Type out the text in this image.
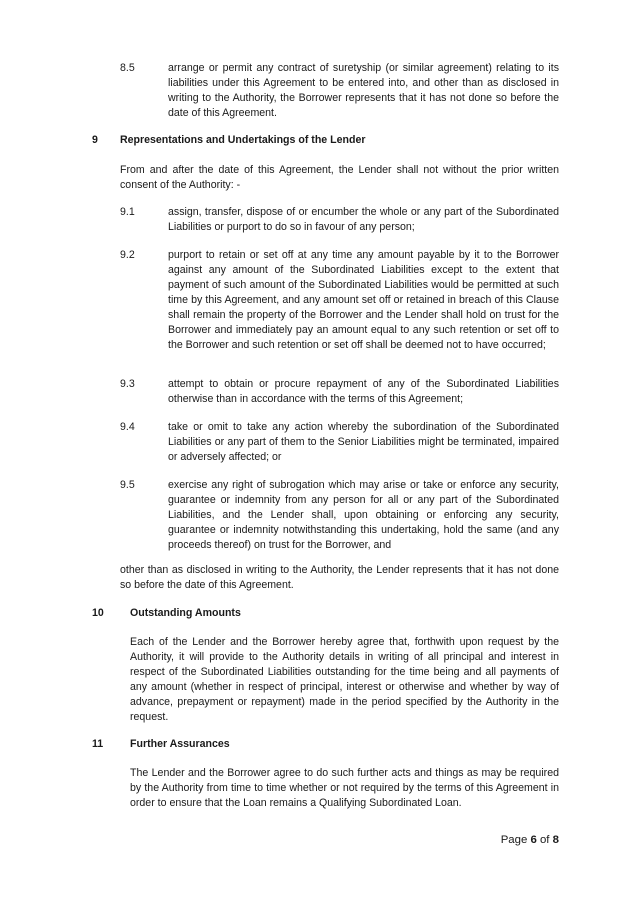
8.5	arrange or permit any contract of suretyship (or similar agreement) relating to its liabilities under this Agreement to be entered into, and other than as disclosed in writing to the Authority, the Borrower represents that it has not done so before the date of this Agreement.

9 Representations and Undertakings of the Lender

From and after the date of this Agreement, the Lender shall not without the prior written consent of the Authority: -

9.1	assign, transfer, dispose of or encumber the whole or any part of the Subordinated Liabilities or purport to do so in favour of any person;

9.2	purport to retain or set off at any time any amount payable by it to the Borrower against any amount of the Subordinated Liabilities except to the extent that payment of such amount of the Subordinated Liabilities would be permitted at such time by this Agreement, and any amount set off or retained in breach of this Clause shall remain the property of the Borrower and the Lender shall hold on trust for the Borrower and immediately pay an amount equal to any such retention or set off to the Borrower and such retention or set off shall be deemed not to have occurred;

9.3	attempt to obtain or procure repayment of any of the Subordinated Liabilities otherwise than in accordance with the terms of this Agreement;

9.4	take or omit to take any action whereby the subordination of the Subordinated Liabilities or any part of them to the Senior Liabilities might be terminated, impaired or adversely affected; or

9.5	exercise any right of subrogation which may arise or take or enforce any security, guarantee or indemnity from any person for all or any part of the Subordinated Liabilities, and the Lender shall, upon obtaining or enforcing any security, guarantee or indemnity notwithstanding this undertaking, hold the same (and any proceeds thereof) on trust for the Borrower, and

other than as disclosed in writing to the Authority, the Lender represents that it has not done so before the date of this Agreement.

10 Outstanding Amounts

Each of the Lender and the Borrower hereby agree that, forthwith upon request by the Authority, it will provide to the Authority details in writing of all principal and interest in respect of the Subordinated Liabilities outstanding for the time being and all payments of any amount (whether in respect of principal, interest or otherwise and whether by way of advance, prepayment or repayment) made in the period specified by the Authority in the request.

11	Further Assurances

The Lender and the Borrower agree to do such further acts and things as may be required by the Authority from time to time whether or not required by the terms of this Agreement in order to ensure that the Loan remains a Qualifying Subordinated Loan.

Page 6 of 8
